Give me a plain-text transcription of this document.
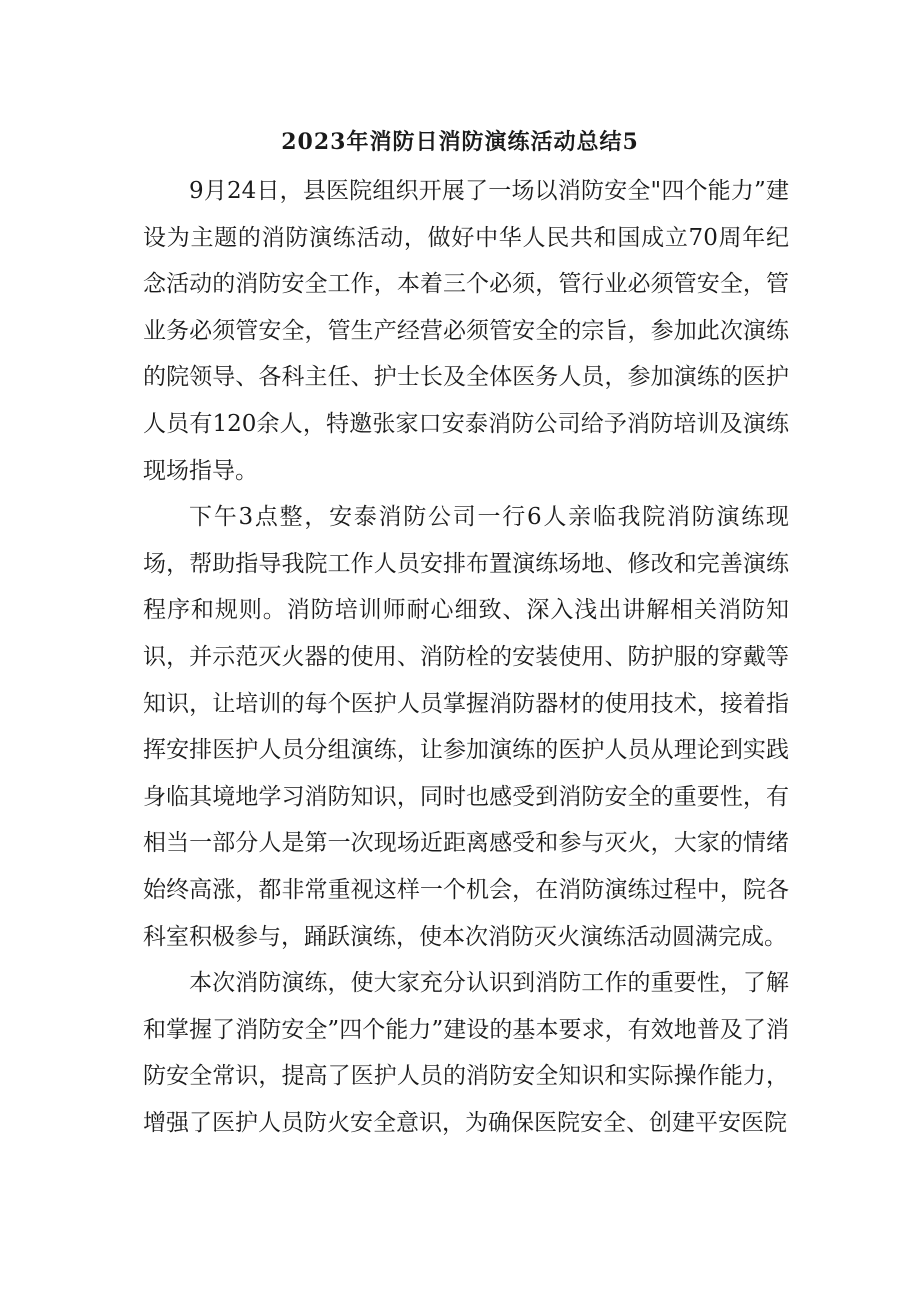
2023年消防日消防演练活动总结5

9月24日，县医院组织开展了一场以消防安全"四个能力”建设为主题的消防演练活动，做好中华人民共和国成立70周年纪念活动的消防安全工作，本着三个必须，管行业必须管安全，管业务必须管安全，管生产经营必须管安全的宗旨，参加此次演练的院领导、各科主任、护士长及全体医务人员，参加演练的医护人员有120余人，特邀张家口安泰消防公司给予消防培训及演练现场指导。

下午3点整，安泰消防公司一行6人亲临我院消防演练现场，帮助指导我院工作人员安排布置演练场地、修改和完善演练程序和规则。消防培训师耐心细致、深入浅出讲解相关消防知识，并示范灭火器的使用、消防栓的安装使用、防护服的穿戴等知识，让培训的每个医护人员掌握消防器材的使用技术，接着指挥安排医护人员分组演练，让参加演练的医护人员从理论到实践身临其境地学习消防知识，同时也感受到消防安全的重要性，有相当一部分人是第一次现场近距离感受和参与灭火，大家的情绪始终高涨，都非常重视这样一个机会，在消防演练过程中，院各科室积极参与，踊跃演练，使本次消防灭火演练活动圆满完成。

本次消防演练，使大家充分认识到消防工作的重要性，了解和掌握了消防安全”四个能力”建设的基本要求，有效地普及了消防安全常识，提高了医护人员的消防安全知识和实际操作能力，增强了医护人员防火安全意识，为确保医院安全、创建平安医院
